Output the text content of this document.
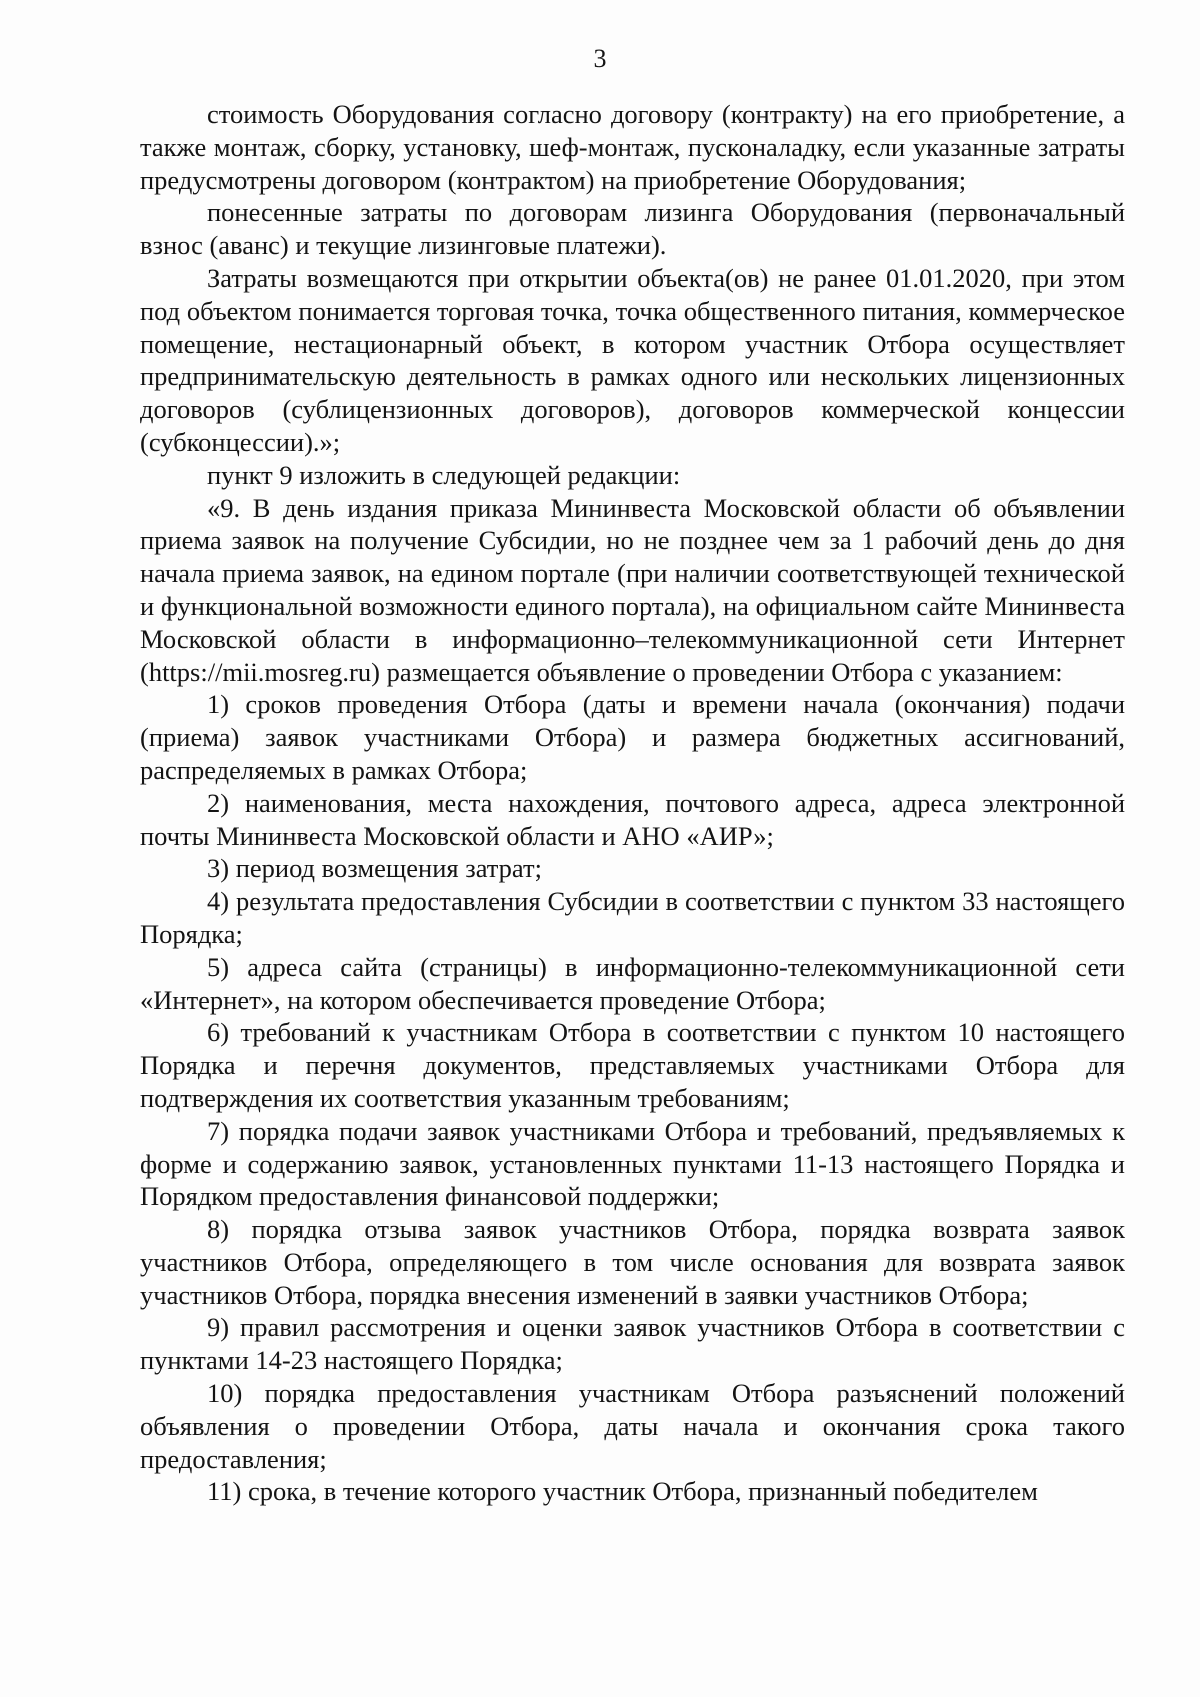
3

стоимость Оборудования согласно договору (контракту) на его приобретение, а также монтаж, сборку, установку, шеф-монтаж, пусконаладку, если указанные затраты предусмотрены договором (контрактом) на приобретение Оборудования;

понесенные затраты по договорам лизинга Оборудования (первоначальный взнос (аванс) и текущие лизинговые платежи).

Затраты возмещаются при открытии объекта(ов) не ранее 01.01.2020, при этом под объектом понимается торговая точка, точка общественного питания, коммерческое помещение, нестационарный объект, в котором участник Отбора осуществляет предпринимательскую деятельность в рамках одного или нескольких лицензионных договоров (сублицензионных договоров), договоров коммерческой концессии (субконцессии).»;

пункт 9 изложить в следующей редакции:

«9. В день издания приказа Мининвеста Московской области об объявлении приема заявок на получение Субсидии, но не позднее чем за 1 рабочий день до дня начала приема заявок, на едином портале (при наличии соответствующей технической и функциональной возможности единого портала), на официальном сайте Мининвеста Московской области в информационно–телекоммуникационной сети Интернет (https://mii.mosreg.ru) размещается объявление о проведении Отбора с указанием:

1) сроков проведения Отбора (даты и времени начала (окончания) подачи (приема) заявок участниками Отбора) и размера бюджетных ассигнований, распределяемых в рамках Отбора;

2) наименования, места нахождения, почтового адреса, адреса электронной почты Мининвеста Московской области и АНО «АИР»;

3) период возмещения затрат;

4) результата предоставления Субсидии в соответствии с пунктом 33 настоящего Порядка;

5) адреса сайта (страницы) в информационно-телекоммуникационной сети «Интернет», на котором обеспечивается проведение Отбора;

6) требований к участникам Отбора в соответствии с пунктом 10 настоящего Порядка и перечня документов, представляемых участниками Отбора для подтверждения их соответствия указанным требованиям;

7) порядка подачи заявок участниками Отбора и требований, предъявляемых к форме и содержанию заявок, установленных пунктами 11-13 настоящего Порядка и Порядком предоставления финансовой поддержки;

8) порядка отзыва заявок участников Отбора, порядка возврата заявок участников Отбора, определяющего в том числе основания для возврата заявок участников Отбора, порядка внесения изменений в заявки участников Отбора;

9) правил рассмотрения и оценки заявок участников Отбора в соответствии с пунктами 14-23 настоящего Порядка;

10) порядка предоставления участникам Отбора разъяснений положений объявления о проведении Отбора, даты начала и окончания срока такого предоставления;

11) срока, в течение которого участник Отбора, признанный победителем
